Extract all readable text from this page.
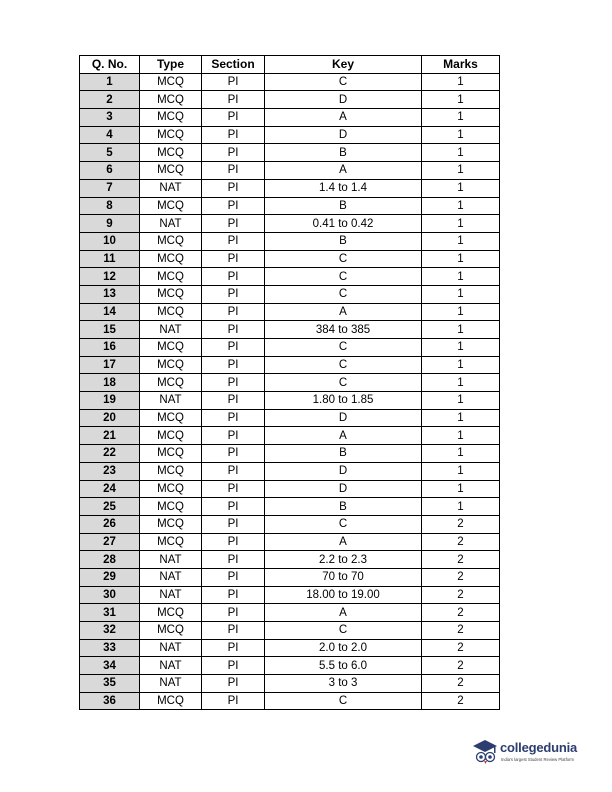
Q. No.	Type	Section	Key	Marks
1	MCQ	PI	C	1
2	MCQ	PI	D	1
3	MCQ	PI	A	1
4	MCQ	PI	D	1
5	MCQ	PI	B	1
6	MCQ	PI	A	1
7	NAT	PI	1.4 to 1.4	1
8	MCQ	PI	B	1
9	NAT	PI	0.41 to 0.42	1
10	MCQ	PI	B	1
11	MCQ	PI	C	1
12	MCQ	PI	C	1
13	MCQ	PI	C	1
14	MCQ	PI	A	1
15	NAT	PI	384 to 385	1
16	MCQ	PI	C	1
17	MCQ	PI	C	1
18	MCQ	PI	C	1
19	NAT	PI	1.80 to 1.85	1
20	MCQ	PI	D	1
21	MCQ	PI	A	1
22	MCQ	PI	B	1
23	MCQ	PI	D	1
24	MCQ	PI	D	1
25	MCQ	PI	B	1
26	MCQ	PI	C	2
27	MCQ	PI	A	2
28	NAT	PI	2.2 to 2.3	2
29	NAT	PI	70 to 70	2
30	NAT	PI	18.00 to 19.00	2
31	MCQ	PI	A	2
32	MCQ	PI	C	2
33	NAT	PI	2.0 to 2.0	2
34	NAT	PI	5.5 to 6.0	2
35	NAT	PI	3 to 3	2
36	MCQ	PI	C	2
collegedunia
India's largest Student Review Platform
